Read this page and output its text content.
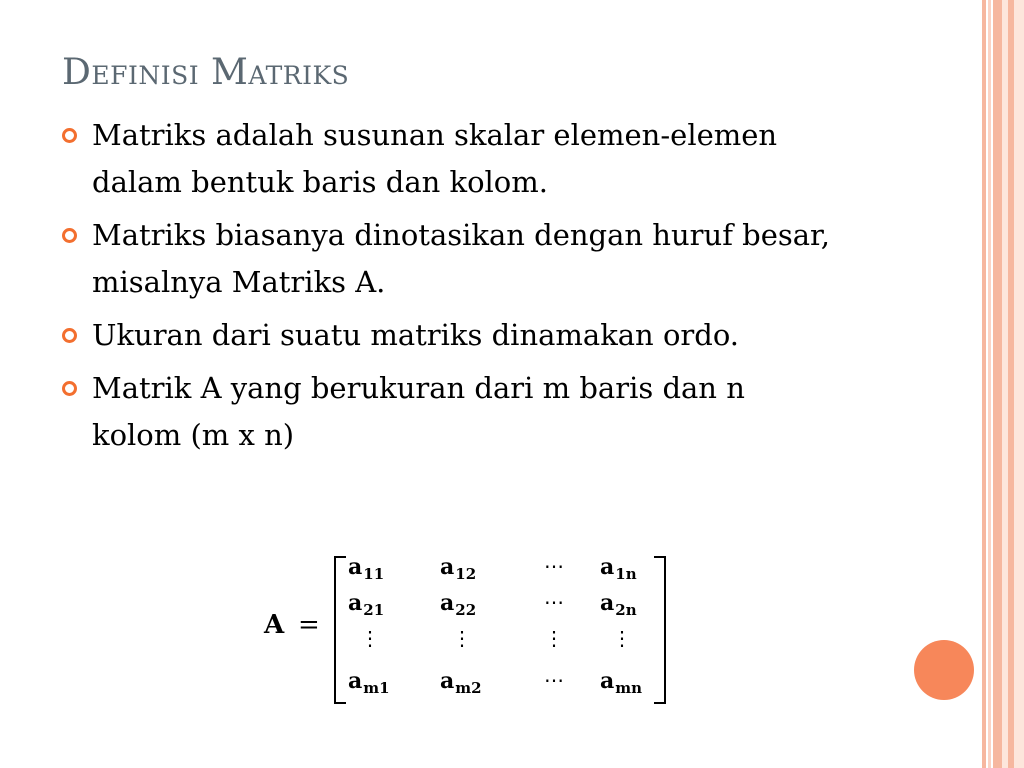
Definisi Matriks
Matriks adalah susunan skalar elemen-elemen dalam bentuk baris dan kolom.
Matriks biasanya dinotasikan dengan huruf besar, misalnya Matriks A.
Ukuran dari suatu matriks dinamakan ordo.
Matrik A yang berukuran dari m baris dan n kolom (m x n)
A =
$a_{11}$	$a_{12}$	⋯ $a_{1n}$
$a_{21}$	$a_{22}$	⋯ $a_{2n}$
⋮	⋮	⋮ ⋮
$a_{m1}$ $a_{m2}$	⋯ $a_{mn}$
